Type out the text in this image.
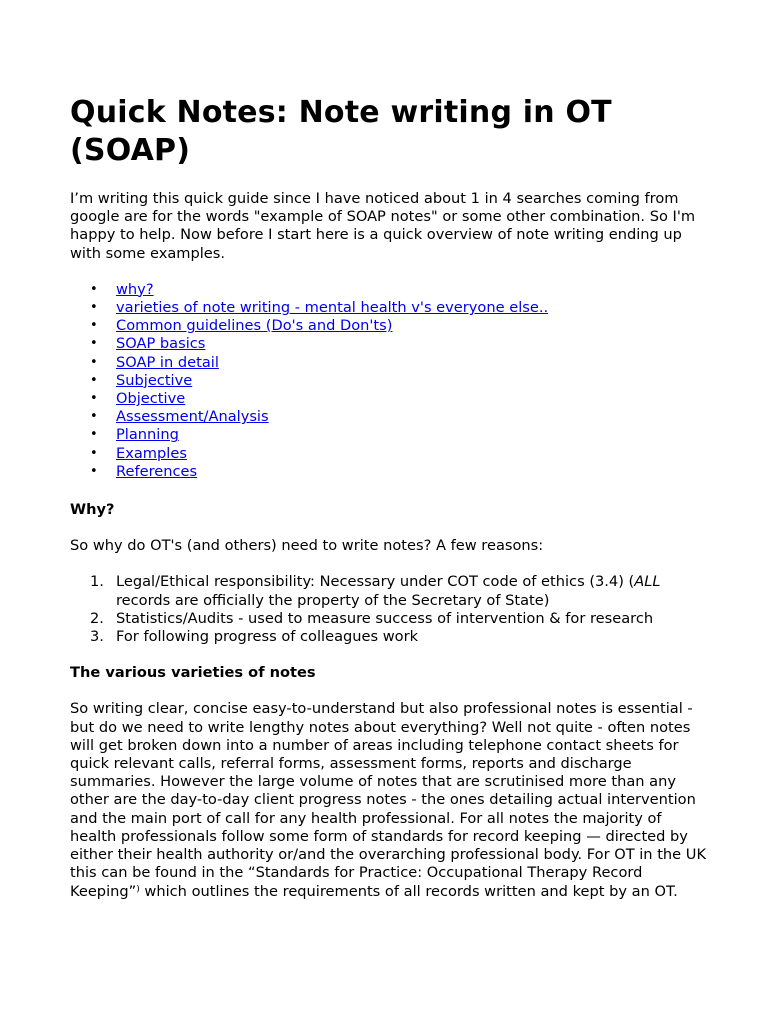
Quick Notes: Note writing in OT (SOAP)

I’m writing this quick guide since I have noticed about 1 in 4 searches coming from google are for the words "example of SOAP notes" or some other combination. So I'm happy to help. Now before I start here is a quick overview of note writing ending up with some examples.

• why?
• varieties of note writing - mental health v's everyone else..
• Common guidelines (Do's and Don'ts)
• SOAP basics
• SOAP in detail
• Subjective
• Objective
• Assessment/Analysis
• Planning
• Examples
• References
Why?

So why do OT's (and others) need to write notes? A few reasons:

1. Legal/Ethical responsibility: Necessary under COT code of ethics (3.4) (ALL records are officially the property of the Secretary of State)
2. Statistics/Audits - used to measure success of intervention & for research
3. For following progress of colleagues work
The various varieties of notes

So writing clear, concise easy-to-understand but also professional notes is essential - but do we need to write lengthy notes about everything? Well not quite - often notes will get broken down into a number of areas including telephone contact sheets for quick relevant calls, referral forms, assessment forms, reports and discharge summaries. However the large volume of notes that are scrutinised more than any other are the day-to-day client progress notes - the ones detailing actual intervention and the main port of call for any health professional. For all notes the majority of health professionals follow some form of standards for record keeping — directed by either their health authority or/and the overarching professional body. For OT in the UK this can be found in the “Standards for Practice: Occupational Therapy Record Keeping”⁾ which outlines the requirements of all records written and kept by an OT.
